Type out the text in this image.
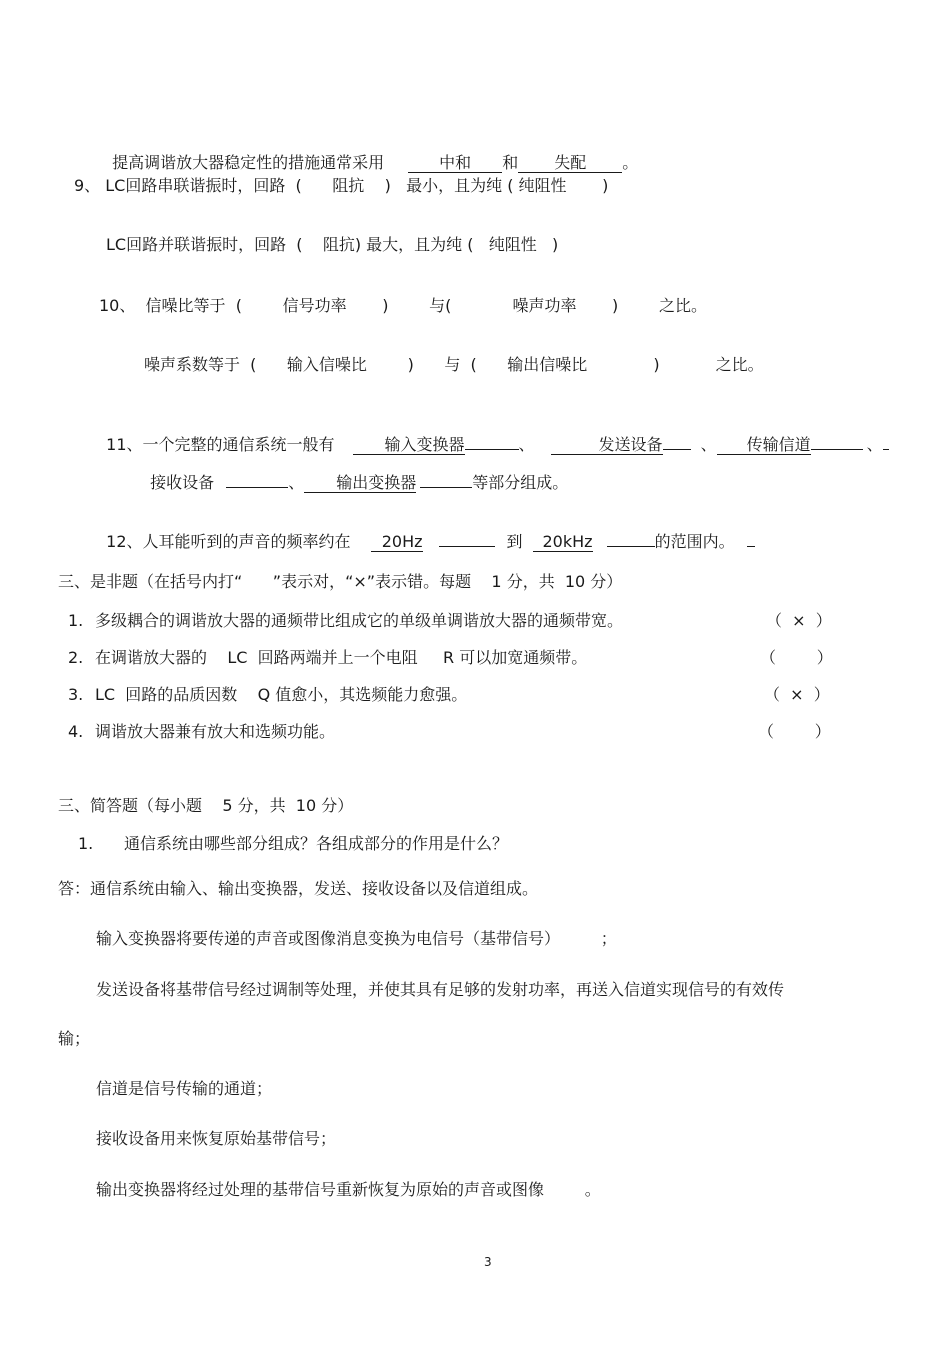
提高调谐放大器稳定性的措施通常采用	中和 和 失配 。

9、 LC回路串联谐振时，回路  (      阻抗    )   最小，且为纯 ( 纯阻性       )
LC回路并联谐振时，回路  (    阻抗) 最大，且为纯 (   纯阻性   )
10、  信噪比等于  (        信号功率       )        与(            噪声功率       )        之比。
噪声系数等于  (      输入信噪比        )      与  (      输出信噪比             )           之比。

11、一个完整的通信系统一般有	输入变换器	、	发送设备 、 传输信道	、

接收设备	、 输出变换器	等部分组成。

12、人耳能听到的声音的频率约在 20Hz	到 20kHz	的范围内。

三、是非题（在括号内打“      ”表示对，“×”表示错。每题    1 分，共  10 分）
1. 多级耦合的调谐放大器的通频带比组成它的单级单调谐放大器的通频带宽。	（  ×  ）
2. 在调谐放大器的    LC  回路两端并上一个电阻     R 可以加宽通频带。	（        ）
3. LC  回路的品质因数    Q 值愈小，其选频能力愈强。	（  ×  ）
4. 调谐放大器兼有放大和选频功能。	（        ）
三、简答题（每小题    5 分，共  10 分）
1. 通信系统由哪些部分组成？各组成部分的作用是什么？
答：通信系统由输入、输出变换器，发送、接收设备以及信道组成。
输入变换器将要传递的声音或图像消息变换为电信号（基带信号）        ；
发送设备将基带信号经过调制等处理，并使其具有足够的发射功率，再送入信道实现信号的有效传
输；
信道是信号传输的通道；
接收设备用来恢复原始基带信号；
输出变换器将经过处理的基带信号重新恢复为原始的声音或图像        。
3
